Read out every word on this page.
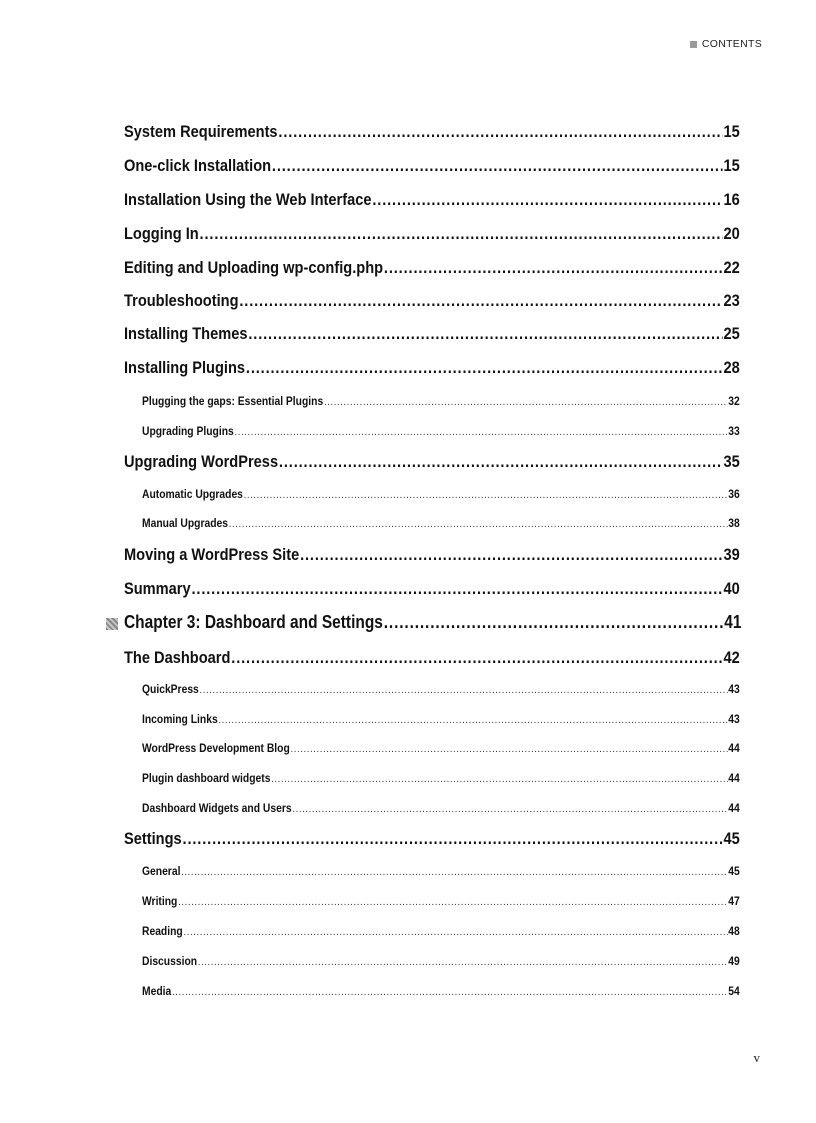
CONTENTS
System Requirements .....	15
One-click Installation .....	15
Installation Using the Web Interface .....	16
Logging In .....	20
Editing and Uploading wp-config.php .....	22
Troubleshooting .....	23
Installing Themes .....	25
Installing Plugins .....	28
Plugging the gaps: Essential Plugins .....	32
Upgrading Plugins .....	33
Upgrading WordPress .....	35
Automatic Upgrades .....	36
Manual Upgrades .....	38
Moving a WordPress Site .....	39
Summary .....	40
Chapter 3: Dashboard and Settings .....	41
The Dashboard .....	42
QuickPress .....	43
Incoming Links .....	43
WordPress Development Blog .....	44
Plugin dashboard widgets .....	44
Dashboard Widgets and Users .....	44
Settings .....	45
General .....	45
Writing .....	47
Reading .....	48
Discussion .....	49
Media .....	54
v
